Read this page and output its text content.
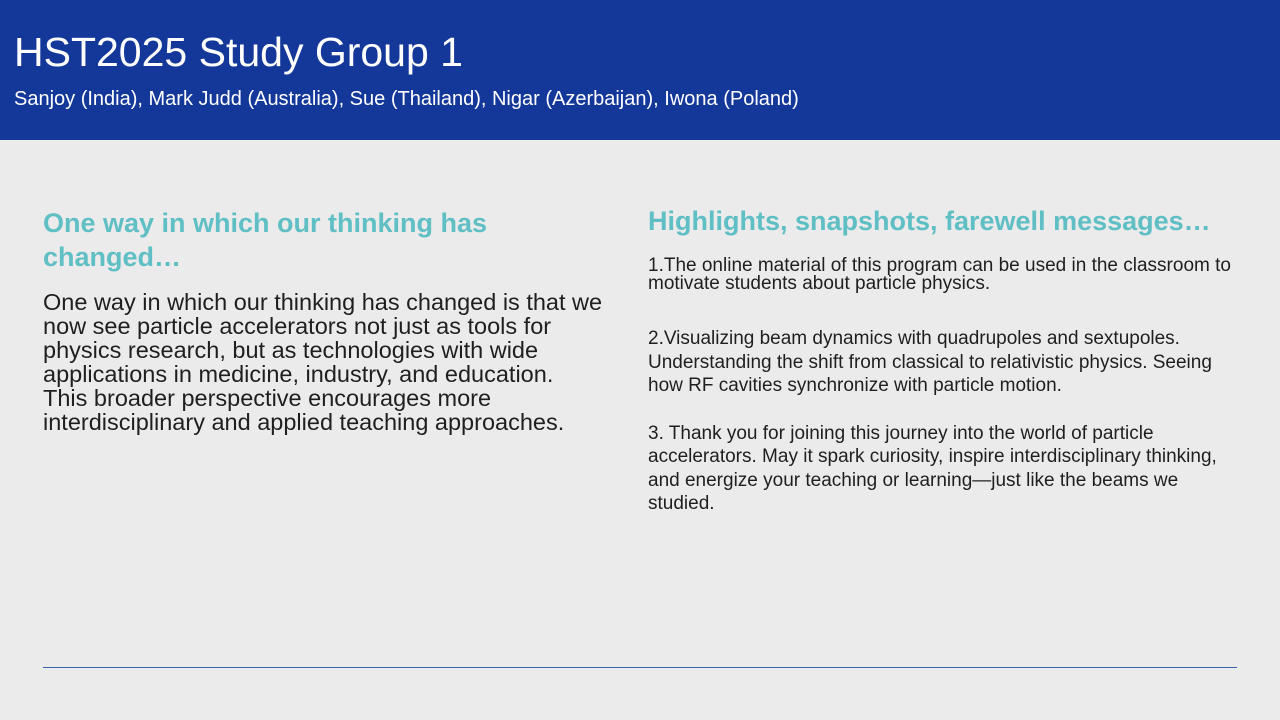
HST2025 Study Group 1
Sanjoy (India), Mark Judd (Australia), Sue (Thailand), Nigar (Azerbaijan), Iwona (Poland)
One way in which our thinking has changed…
One way in which our thinking has changed is that we now see particle accelerators not just as tools for physics research, but as technologies with wide applications in medicine, industry, and education. This broader perspective encourages more interdisciplinary and applied teaching approaches.
Highlights, snapshots, farewell messages…

1.The online material of this program can be used in the classroom to motivate students about particle physics.

2.Visualizing beam dynamics with quadrupoles and sextupoles. Understanding the shift from classical to relativistic physics. Seeing how RF cavities synchronize with particle motion.

3. Thank you for joining this journey into the world of particle accelerators. May it spark curiosity, inspire interdisciplinary thinking, and energize your teaching or learning—just like the beams we studied.
